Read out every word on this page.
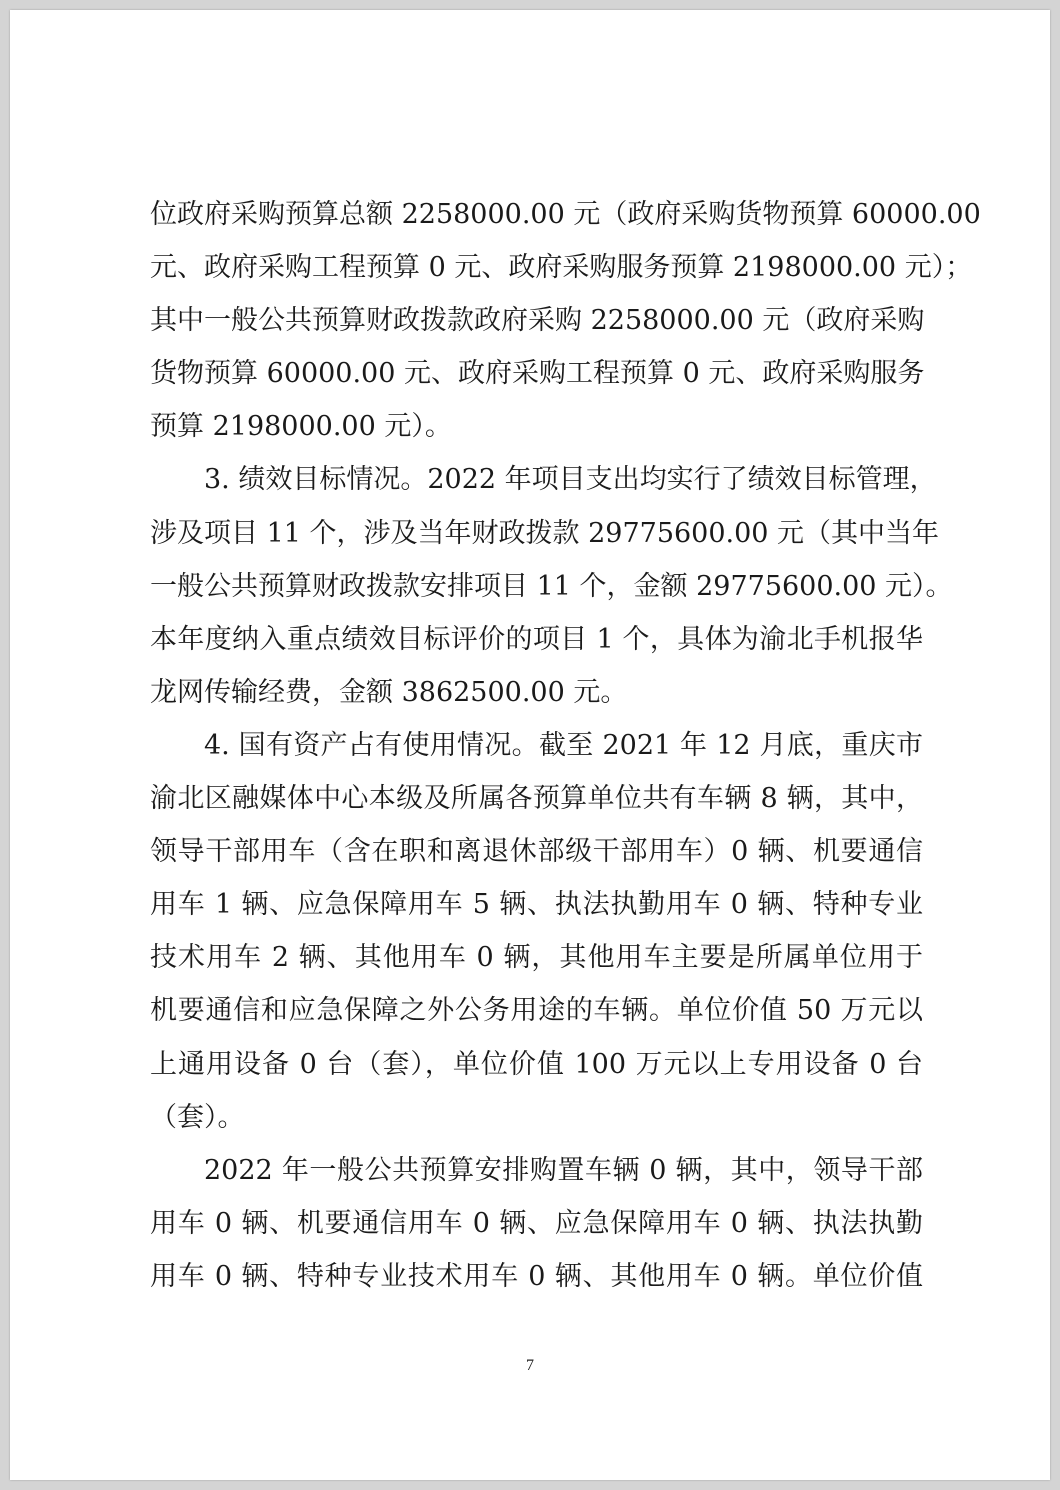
位政府采购预算总额 2258000.00 元（政府采购货物预算 60000.00
元、政府采购工程预算 0 元、政府采购服务预算 2198000.00 元）；
其中一般公共预算财政拨款政府采购 2258000.00 元（政府采购
货物预算 60000.00 元、政府采购工程预算 0 元、政府采购服务
预算 2198000.00 元）。
3. 绩效目标情况。2022 年项目支出均实行了绩效目标管理，
涉及项目 11 个，涉及当年财政拨款 29775600.00 元（其中当年
一般公共预算财政拨款安排项目 11 个，金额 29775600.00 元）。
本年度纳入重点绩效目标评价的项目 1 个，具体为渝北手机报华
龙网传输经费，金额 3862500.00 元。
4. 国有资产占有使用情况。截至 2021 年 12 月底，重庆市
渝北区融媒体中心本级及所属各预算单位共有车辆 8 辆，其中，
领导干部用车（含在职和离退休部级干部用车）0 辆、机要通信
用车 1 辆、应急保障用车 5 辆、执法执勤用车 0 辆、特种专业
技术用车 2 辆、其他用车 0 辆，其他用车主要是所属单位用于
机要通信和应急保障之外公务用途的车辆。单位价值 50 万元以
上通用设备 0 台（套），单位价值 100 万元以上专用设备 0 台
（套）。
2022 年一般公共预算安排购置车辆 0 辆，其中，领导干部
用车 0 辆、机要通信用车 0 辆、应急保障用车 0 辆、执法执勤
用车 0 辆、特种专业技术用车 0 辆、其他用车 0 辆。单位价值
7
